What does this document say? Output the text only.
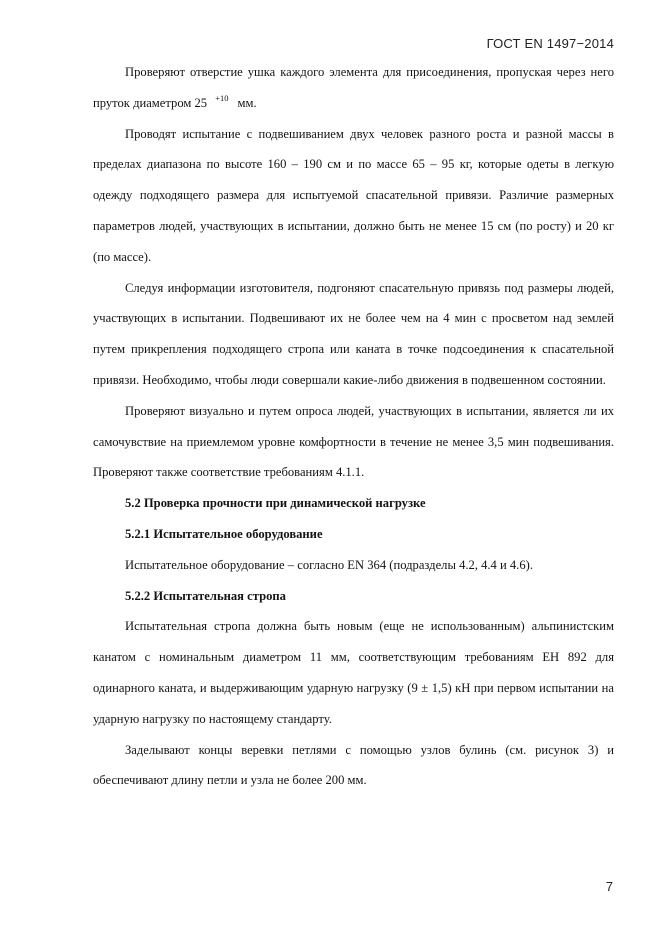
ГОСТ EN 1497−2014

Проверяют отверстие ушка каждого элемента для присоединения, пропуская через него пруток диаметром 25 $^{+10}$ мм.

Проводят испытание с подвешиванием двух человек разного роста и разной массы в пределах диапазона по высоте 160 – 190 см и по массе 65 – 95 кг, которые одеты в легкую одежду подходящего размера для испытуемой спасательной привязи. Различие размерных параметров людей, участвующих в испытании, должно быть не менее 15 см (по росту) и 20 кг (по массе).

Следуя информации изготовителя, подгоняют спасательную привязь под размеры людей, участвующих в испытании. Подвешивают их не более чем на 4 мин с просветом над землей путем прикрепления подходящего стропа или каната в точке подсоединения к спасательной привязи. Необходимо, чтобы люди совершали какие-либо движения в подвешенном состоянии.

Проверяют визуально и путем опроса людей, участвующих в испытании, является ли их самочувствие на приемлемом уровне комфортности в течение не менее 3,5 мин подвешивания. Проверяют также соответствие требованиям 4.1.1.

5.2 Проверка прочности при динамической нагрузке

5.2.1 Испытательное оборудование

Испытательное оборудование – согласно EN 364 (подразделы 4.2, 4.4 и 4.6).

5.2.2 Испытательная стропа

Испытательная стропа должна быть новым (еще не использованным) альпинистским канатом с номинальным диаметром 11 мм, соответствующим требованиям ЕН 892 для одинарного каната, и выдерживающим ударную нагрузку (9 ± 1,5) кН при первом испытании на ударную нагрузку по настоящему стандарту.

Заделывают концы веревки петлями с помощью узлов булинь (см. рисунок 3) и обеспечивают длину петли и узла не более 200 мм.

7
